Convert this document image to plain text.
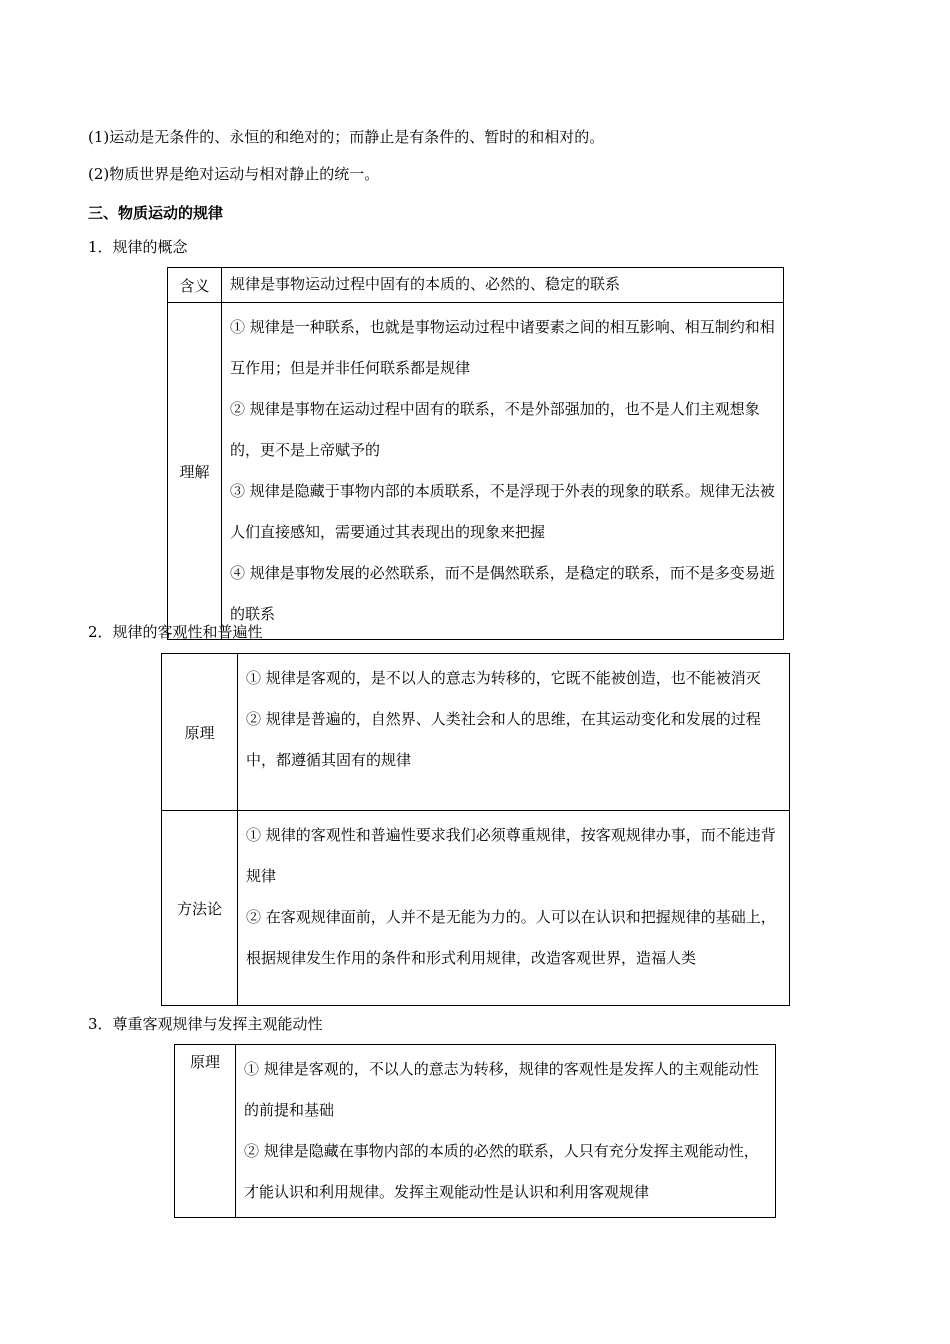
(1)运动是无条件的、永恒的和绝对的；而静止是有条件的、暂时的和相对的。
(2)物质世界是绝对运动与相对静止的统一。
三、物质运动的规律
1．规律的概念
含义	规律是事物运动过程中固有的本质的、必然的、稳定的联系
理解	① 规律是一种联系，也就是事物运动过程中诸要素之间的相互影响、相互制约和相互作用；但是并非任何联系都是规律

② 规律是事物在运动过程中固有的联系，不是外部强加的，也不是人们主观想象的，更不是上帝赋予的

③ 规律是隐藏于事物内部的本质联系，不是浮现于外表的现象的联系。规律无法被人们直接感知，需要通过其表现出的现象来把握

④ 规律是事物发展的必然联系，而不是偶然联系，是稳定的联系，而不是多变易逝的联系

2．规律的客观性和普遍性
原理	① 规律是客观的，是不以人的意志为转移的，它既不能被创造，也不能被消灭

② 规律是普遍的，自然界、人类社会和人的思维，在其运动变化和发展的过程中，都遵循其固有的规律

方法论	① 规律的客观性和普遍性要求我们必须尊重规律，按客观规律办事，而不能违背规律

② 在客观规律面前，人并不是无能为力的。人可以在认识和把握规律的基础上，根据规律发生作用的条件和形式利用规律，改造客观世界，造福人类

3．尊重客观规律与发挥主观能动性
原理	① 规律是客观的，不以人的意志为转移，规律的客观性是发挥人的主观能动性的前提和基础

② 规律是隐藏在事物内部的本质的必然的联系，人只有充分发挥主观能动性，才能认识和利用规律。发挥主观能动性是认识和利用客观规律
